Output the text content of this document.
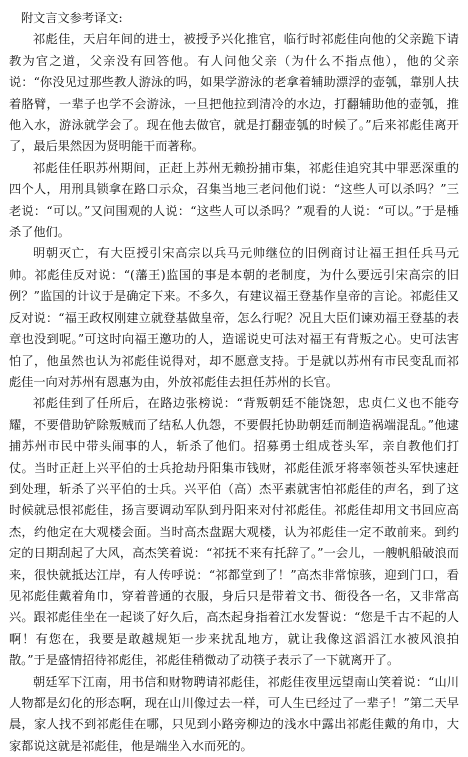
附文言文参考译文:

祁彪佳，天启年间的进士，被授予兴化推官，临行时祁彪佳向他的父亲跪下请教为官之道，父亲没有回答他。有人问他父亲（为什么不指点他），他的父亲说：“你没见过那些教人游泳的吗，如果学游泳的老拿着辅助漂浮的壶瓠，靠别人扶着胳臂，一辈子也学不会游泳，一旦把他拉到清冷的水边，打翻辅助他的壶瓠，推他入水，游泳就学会了。现在他去做官，就是打翻壶瓠的时候了。”后来祁彪佳离开了，最后果然因为贤明能干而著称。

祁彪佳任职苏州期间，正赶上苏州无赖扮捕市集，祁彪佳追究其中罪恶深重的四个人，用刑具锁拿在路口示众，召集当地三老问他们说：“这些人可以杀吗？”三老说：“可以。”又问围观的人说：“这些人可以杀吗？”观看的人说：“可以。”于是棰杀了他们。

明朝灭亡，有大臣授引宋高宗以兵马元帅继位的旧例商讨让福王担任兵马元帅。祁彪佳反对说：“(藩王)监国的事是本朝的老制度，为什么要远引宋高宗的旧例？”监国的计议于是确定下来。不多久，有建议福王登基作皇帝的言论。祁彪佳又反对说：“福王政权刚建立就登基做皇帝，怎么行呢？况且大臣们谏劝福王登基的表章也没到呢。”可这时向福王邀功的人，造谣说史可法对福王有背叛之心。史可法害怕了，他虽然也认为祁彪佳说得对，却不愿意支持。于是就以苏州有市民变乱而祁彪佳一向对苏州有恩惠为由，外放祁彪佳去担任苏州的长官。

祁彪佳到了任所后，在路边张榜说：“背叛朝廷不能饶恕，忠贞仁义也不能夸耀，不要借助铲除叛贼而了结私人仇怨，不要假托协助朝廷而制造祸端混乱。”他逮捕苏州市民中带头闹事的人，斩杀了他们。招募勇士组成苍头军，亲自教他们打仗。当时正赶上兴平伯的士兵抢劫丹阳集市钱财，祁彪佳派牙将率领苍头军快速赶到处理，斩杀了兴平伯的士兵。兴平伯（高）杰平素就害怕祁彪佳的声名，到了这时候就忌恨祁彪佳，扬言要调动军队到丹阳来对付祁彪佳。祁彪佳却用文书回应高杰，约他定在大观楼会面。当时高杰盘踞大观楼，认为祁彪佳一定不敢前来。到约定的日期刮起了大风，高杰笑着说：“祁抚不来有托辞了。”一会儿，一艘帆船破浪而来，很快就抵达江岸，有人传呼说：“祁都堂到了！”高杰非常惊骇，迎到门口，看见祁彪佳戴着角巾，穿着普通的衣服，身后只是带着文书、衙役各一名，又非常高兴。跟祁彪佳坐在一起谈了好久后，高杰起身指着江水发誓说：“您是千古不起的人啊！有您在，我要是敢越规矩一步来扰乱地方，就让我像这滔滔江水被风浪拍散。”于是盛情招待祁彪佳，祁彪佳稍微动了动筷子表示了一下就离开了。

朝廷军下江南，用书信和财物聘请祁彪佳，祁彪佳夜里远望南山笑着说：“山川人物都是幻化的形态啊，现在山川像过去一样，可人生已经过了一辈子！”第二天早晨，家人找不到祁彪佳在哪，只见到小路旁柳边的浅水中露出祁彪佳戴的角巾，大家都说这就是祁彪佳，他是端坐入水而死的。
